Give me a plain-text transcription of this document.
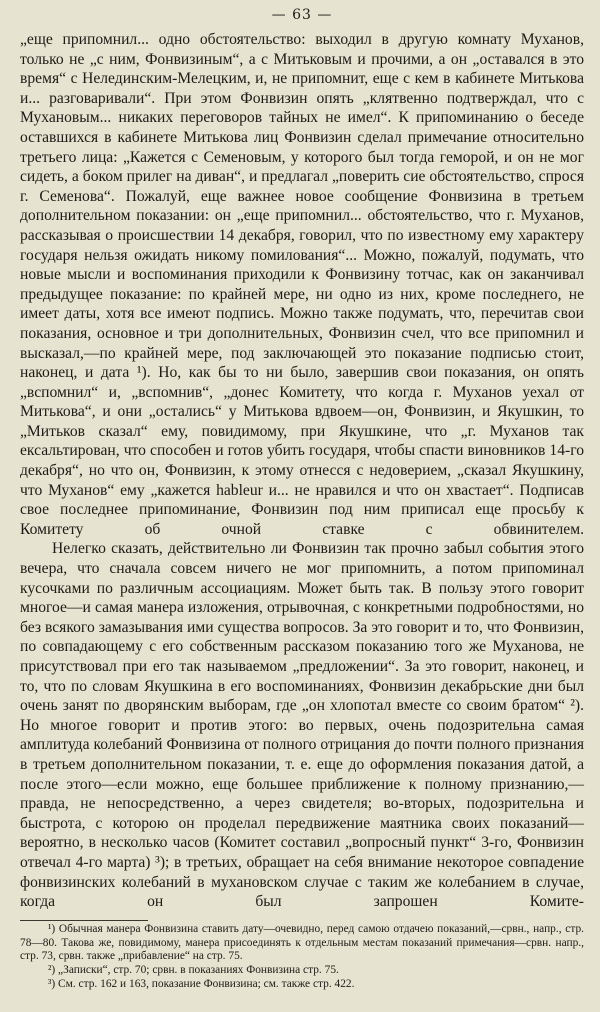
— 63 —

„еще припомнил... одно обстоятельство: выходил в другую комнату Муханов, только не „с ним, Фонвизиным“, а с Митьковым и прочими, а он „оставался в это время“ с Нелединским-Мелецким, и, не припомнит, еще с кем в кабинете Митькова и... разговаривали“. При этом Фонвизин опять „клятвенно подтверждал, что с Мухановым... никаких переговоров тайных не имел“. К припоминанию о беседе оставшихся в кабинете Митькова лиц Фонвизин сделал примечание относительно третьего лица: „Кажется с Семеновым, у которого был тогда геморой, и он не мог сидеть, а боком прилег на диван“, и предлагал „поверить сие обстоятельство, спрося г. Семенова“. Пожалуй, еще важнее новое сообщение Фонвизина в третьем дополнительном показании: он „еще припомнил... обстоятельство, что г. Муханов, рассказывая о происшествии 14 декабря, говорил, что по известному ему характеру государя нельзя ожидать никому помилования“... Можно, пожалуй, подумать, что новые мысли и воспоминания приходили к Фонвизину тотчас, как он заканчивал предыдущее показание: по крайней мере, ни одно из них, кроме последнего, не имеет даты, хотя все имеют подпись. Можно также подумать, что, перечитав свои показания, основное и три дополнительных, Фонвизин счел, что все припомнил и высказал,—по крайней мере, под заключающей это показание подписью стоит, наконец, и дата ¹). Но, как бы то ни было, завершив свои показания, он опять „вспомнил“ и, „вспомнив“, „донес Комитету, что когда г. Муханов уехал от Митькова“, и они „остались“ у Митькова вдвоем—он, Фонвизин, и Якушкин, то „Митьков сказал“ ему, повидимому, при Якушкине, что „г. Муханов так ексальтирован, что способен и готов убить государя, чтобы спасти виновников 14-го декабря“, но что он, Фонвизин, к этому отнесся с недоверием, „сказал Якушкину, что Муханов“ ему „кажется hableur и... не нравился и что он хвастает“. Подписав свое последнее припоминание, Фонвизин под ним приписал еще просьбу к Комитету об очной ставке с обвинителем.

Нелегко сказать, действительно ли Фонвизин так прочно забыл события этого вечера, что сначала совсем ничего не мог припомнить, а потом припоминал кусочками по различным ассоциациям. Может быть так. В пользу этого говорит многое—и самая манера изложения, отрывочная, с конкретными подробностями, но без всякого замазывания ими существа вопросов. За это говорит и то, что Фонвизин, по совпадающему с его собственным рассказом показанию того же Муханова, не присутствовал при его так называемом „предложении“. За это говорит, наконец, и то, что по словам Якушкина в его воспоминаниях, Фонвизин декабрьские дни был очень занят по дворянским выборам, где „он хлопотал вместе со своим братом“ ²). Но многое говорит и против этого: во первых, очень подозрительна самая амплитуда колебаний Фонвизина от полного отрицания до почти полного признания в третьем дополнительном показании, т. е. еще до оформления показания датой, а после этого—если можно, еще большее приближение к полному признанию,—правда, не непосредственно, а через свидетеля; во-вторых, подозрительна и быстрота, с которою он проделал передвижение маятника своих показаний—вероятно, в несколько часов (Комитет составил „вопросный пункт“ 3-го, Фонвизин отвечал 4-го марта) ³); в третьих, обращает на себя внимание некоторое совпадение фонвизинских колебаний в мухановском случае с таким же колебанием в случае, когда он был запрошен Комите-

¹) Обычная манера Фонвизина ставить дату—очевидно, перед самою отдачею показаний,—срвн., напр., стр. 78—80. Такова же, повидимому, манера присоединять к отдельным местам показаний примечания—срвн. напр., стр. 73, срвн. также „прибавление“ на стр. 75.

²) „Записки“, стр. 70; срвн. в показаниях Фонвизина стр. 75.

³) См. стр. 162 и 163, показание Фонвизина; см. также стр. 422.
